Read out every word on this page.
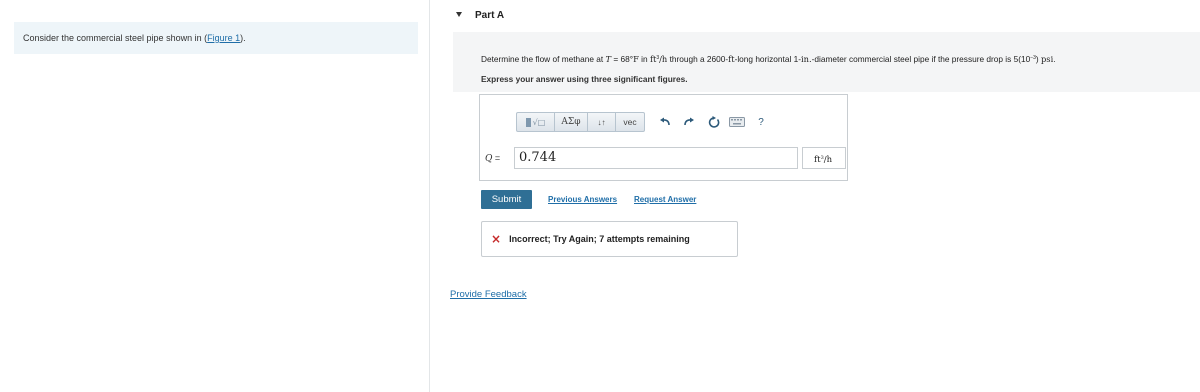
Consider the commercial steel pipe shown in (Figure 1).
Part A
Determine the flow of methane at T = 68°F in $ft^3/h$ through a 2600-ft-long horizontal 1-in.-diameter commercial steel pipe if the pressure drop is $5(10^{-3})$ psi.
Express your answer using three significant figures.
√□	ΑΣφ	↓↑	vec	?
Q =	0.744	$ft^3/h$
Submit	Previous Answers Request Answer
× Incorrect; Try Again; 7 attempts remaining
Provide Feedback
